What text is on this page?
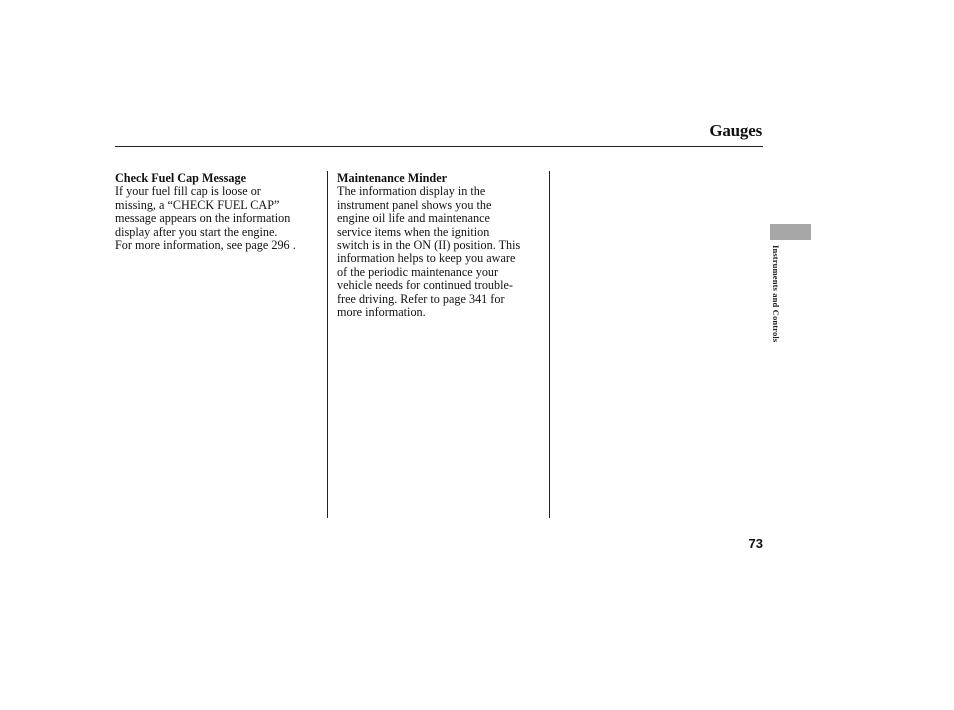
Gauges
Check Fuel Cap Message

If your fuel fill cap is loose or

missing, a “CHECK FUEL CAP”

message appears on the information

display after you start the engine.

For more information, see page 296 .

Maintenance Minder

The information display in the

instrument panel shows you the

engine oil life and maintenance

service items when the ignition

switch is in the ON (II) position. This

information helps to keep you aware

of the periodic maintenance your

vehicle needs for continued trouble-

free driving. Refer to page 341 for

more information.	Instruments and Controls

73
